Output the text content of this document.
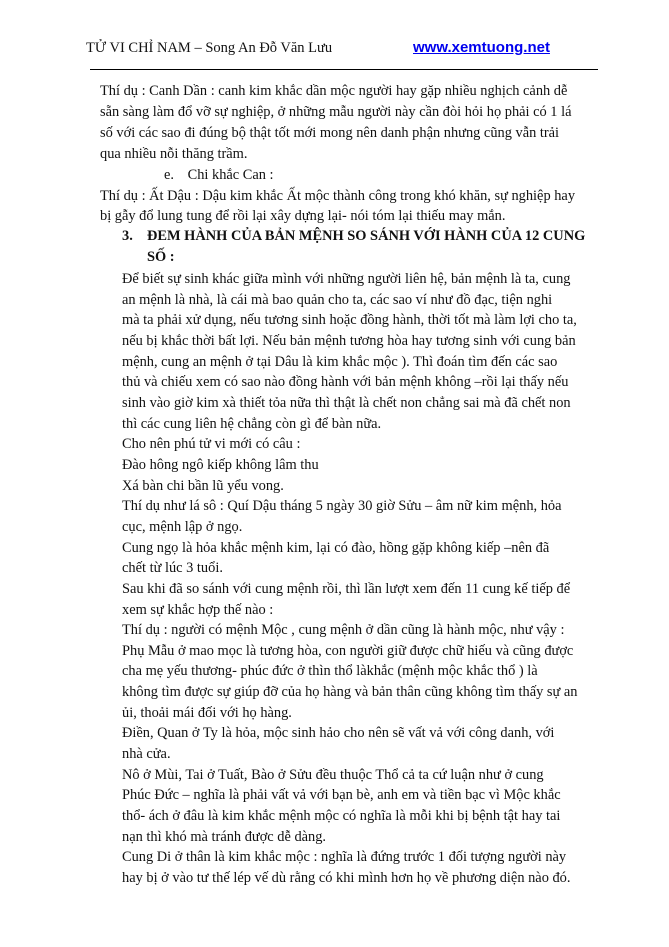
TỬ VI CHỈ NAM – Song An Đỗ Văn Lưu	www.xemtuong.net
Thí dụ : Canh Dần : canh kim khắc dần mộc người hay gặp nhiều nghịch cảnh dễ
sẵn sàng làm đổ vỡ sự nghiệp, ở những mẫu người này cần đòi hỏi họ phải có 1 lá
số với các sao đi đúng bộ thật tốt mới mong nên danh phận nhưng cũng vẫn trải
qua nhiều nỗi thăng trầm.
e. Chi khắc Can :
Thí dụ : Ất Dậu : Dậu kim khắc Ất mộc thành công trong khó khăn, sự nghiệp hay
bị gẫy đổ lung tung để rồi lại xây dựng lại- nói tóm lại thiếu may mắn.
3. ĐEM HÀNH CỦA BẢN MỆNH SO SÁNH VỚI HÀNH CỦA 12 CUNG
SỐ :
Để biết sự sinh khác giữa mình với những người liên hệ, bản mệnh là ta, cung
an mệnh là nhà, là cái mà bao quản cho ta, các sao ví như đồ đạc, tiện nghi
mà ta phải xử dụng, nếu tương sinh hoặc đồng hành, thời tốt mà làm lợi cho ta,
nếu bị khắc thời bất lợi. Nếu bản mệnh tương hòa hay tương sinh với cung bản
mệnh, cung an mệnh ở tại Dâu là kim khắc mộc ). Thì đoán tìm đến các sao
thủ và chiếu xem có sao nào đồng hành với bản mệnh không –rồi lại thấy nếu
sinh vào giờ kim xà thiết tỏa nữa thì thật là chết non chẳng sai mà đã chết non
thì các cung liên hệ chẳng còn gì để bàn nữa.
Cho nên phú tử vi mới có câu :
Đào hông ngô kiếp không lâm thu
Xá bàn chi bần lũ yểu vong.
Thí dụ như lá sô : Quí Dậu tháng 5 ngày 30 giờ Sửu – âm nữ kim mệnh, hỏa
cục, mệnh lập ở ngọ.
Cung ngọ là hỏa khắc mệnh kim, lại có đào, hồng gặp không kiếp –nên đã
chết từ lúc 3 tuổi.
Sau khi đã so sánh với cung mệnh rồi, thì lần lượt xem đến 11 cung kế tiếp để
xem sự khắc hợp thế nào :
Thí dụ : người có mệnh Mộc , cung mệnh ở dần cũng là hành mộc, như vậy :
Phụ Mẫu ở mao mọc là tương hòa, con người giữ được chữ hiếu và cũng được
cha mẹ yếu thương- phúc đức ở thìn thổ làkhắc (mệnh mộc khắc thổ ) là
không tìm được sự giúp đỡ của họ hàng và bản thân cũng không tìm thấy sự an
ủi, thoải mái đối với họ hàng.
Điền, Quan ở Ty là hỏa, mộc sinh hảo cho nên sẽ vất vả với công danh, với
nhà cửa.
Nô ở Mùi, Tai ở Tuất, Bào ở Sửu đều thuộc Thổ cả ta cứ luận như ở cung
Phúc Đức – nghĩa là phải vất vả với bạn bè, anh em và tiền bạc vì Mộc khắc
thổ- ách ở đâu là kim khắc mệnh mộc có nghĩa là mỗi khi bị bệnh tật hay tai
nạn thì khó mà tránh được dễ dàng.
Cung Di ở thân là kim khắc mộc : nghĩa là đứng trước 1 đối tượng người này
hay bị ở vào tư thế lép vế dù rằng có khi mình hơn họ về phương diện nào đó.
